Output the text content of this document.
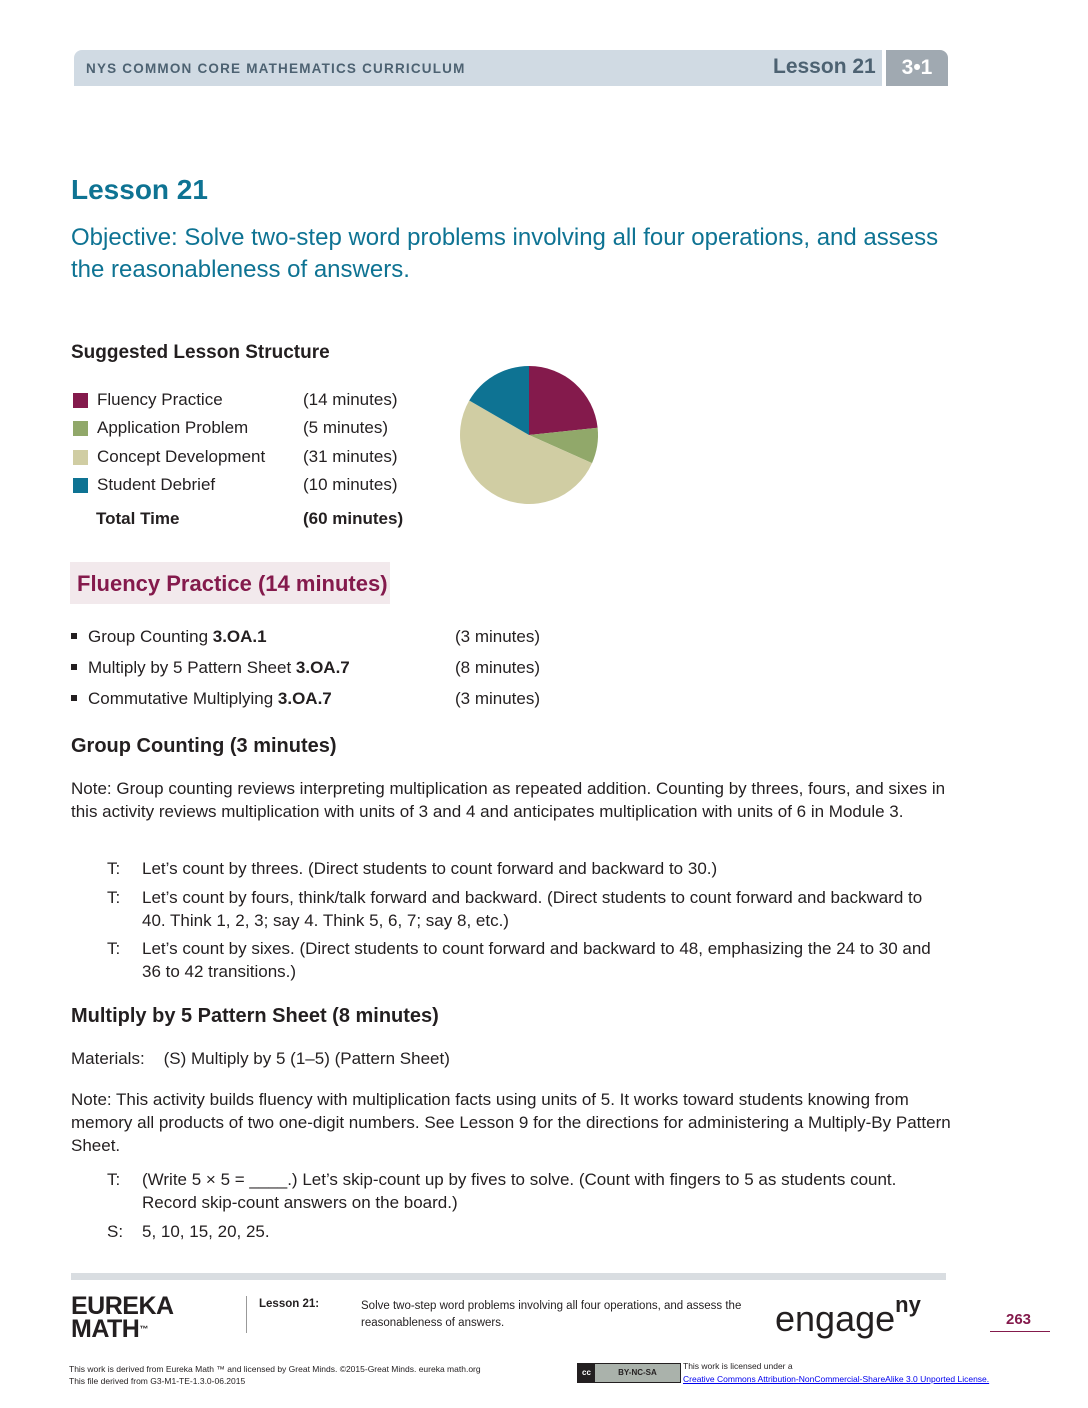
NYS COMMON CORE MATHEMATICS CURRICULUM	Lesson 21	3•1
Lesson 21
Objective: Solve two-step word problems involving all four operations, and assess the reasonableness of answers.
Suggested Lesson Structure
Fluency Practice	(14 minutes)
Application Problem	(5 minutes)
Concept Development (31 minutes)
Student Debrief	(10 minutes)
Total Time	(60 minutes)
Fluency Practice (14 minutes)
Group Counting 3.OA.1	(3 minutes)
Multiply by 5 Pattern Sheet 3.OA.7	(8 minutes)
Commutative Multiplying 3.OA.7	(3 minutes)
Group Counting (3 minutes)
Note: Group counting reviews interpreting multiplication as repeated addition. Counting by threes, fours, and sixes in this activity reviews multiplication with units of 3 and 4 and anticipates multiplication with units of 6 in Module 3.
T: Let’s count by threes. (Direct students to count forward and backward to 30.)
T: Let’s count by fours, think/talk forward and backward. (Direct students to count forward and backward to 40. Think 1, 2, 3; say 4. Think 5, 6, 7; say 8, etc.)
T: Let’s count by sixes. (Direct students to count forward and backward to 48, emphasizing the 24 to 30 and 36 to 42 transitions.)
Multiply by 5 Pattern Sheet (8 minutes)
Materials:    (S) Multiply by 5 (1–5) (Pattern Sheet)
Note: This activity builds fluency with multiplication facts using units of 5. It works toward students knowing from memory all products of two one-digit numbers. See Lesson 9 for the directions for administering a Multiply-By Pattern Sheet.
T: (Write 5 × 5 = ____.) Let’s skip-count up by fives to solve. (Count with fingers to 5 as students count. Record skip-count answers on the board.)
S: 5, 10, 15, 20, 25.
EUREKA
MATH™
Lesson 21:	Solve two-step word problems involving all four operations, and assess the reasonableness of answers.	engage$^{ny}$
263
This work is derived from Eureka Math ™ and licensed by Great Minds. ©2015-Great Minds. eureka math.org
This file derived from G3-M1-TE-1.3.0-06.2015
cc	BY-NC-SA
This work is licensed under a
Creative Commons Attribution-NonCommercial-ShareAlike 3.0 Unported License.
